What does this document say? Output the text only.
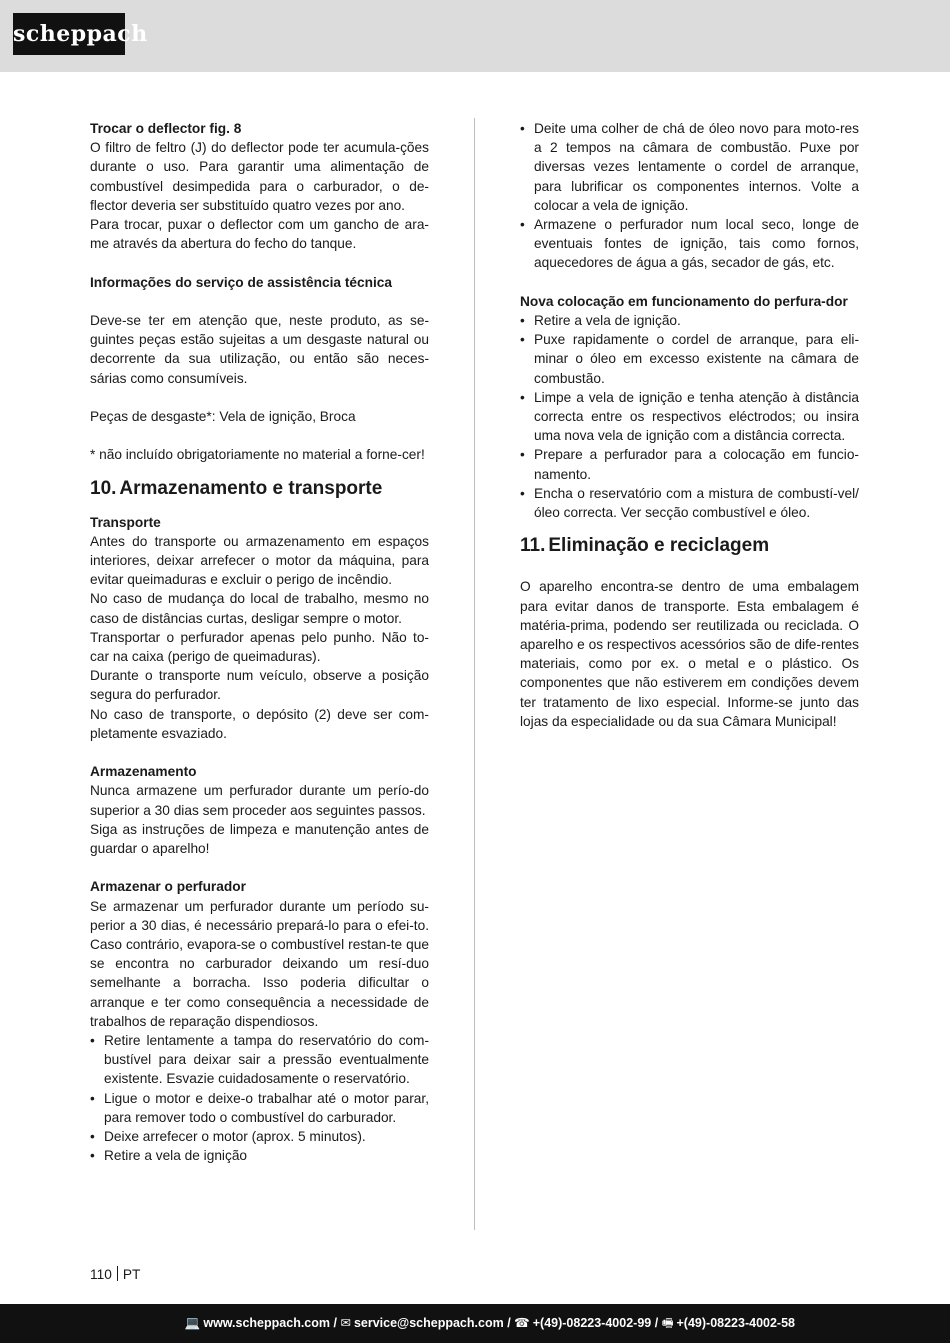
scheppach
Trocar o deflector fig. 8

O filtro de feltro (J) do deflector pode ter acumula-ções durante o uso. Para garantir uma alimentação de combustível desimpedida para o carburador, o de-flector deveria ser substituído quatro vezes por ano.

Para trocar, puxar o deflector com um gancho de ara-me através da abertura do fecho do tanque.

Informações do serviço de assistência técnica

Deve-se ter em atenção que, neste produto, as se-guintes peças estão sujeitas a um desgaste natural ou decorrente da sua utilização, ou então são neces-sárias como consumíveis.

Peças de desgaste*: Vela de ignição, Broca

* não incluído obrigatoriamente no material a forne-cer!

10. Armazenamento e transporte
Transporte

Antes do transporte ou armazenamento em espaços interiores, deixar arrefecer o motor da máquina, para evitar queimaduras e excluir o perigo de incêndio.

No caso de mudança do local de trabalho, mesmo no caso de distâncias curtas, desligar sempre o motor.

Transportar o perfurador apenas pelo punho. Não to-car na caixa (perigo de queimaduras).

Durante o transporte num veículo, observe a posição segura do perfurador.

No caso de transporte, o depósito (2) deve ser com-pletamente esvaziado.

Armazenamento

Nunca armazene um perfurador durante um perío-do superior a 30 dias sem proceder aos seguintes passos.

Siga as instruções de limpeza e manutenção antes de guardar o aparelho!

Armazenar o perfurador

Se armazenar um perfurador durante um período su-perior a 30 dias, é necessário prepará-lo para o efei-to. Caso contrário, evapora-se o combustível restan-te que se encontra no carburador deixando um resí-duo semelhante a borracha. Isso poderia dificultar o arranque e ter como consequência a necessidade de trabalhos de reparação dispendiosos.

• Retire lentamente a tampa do reservatório do com-bustível para deixar sair a pressão eventualmente existente. Esvazie cuidadosamente o reservatório.
• Ligue o motor e deixe-o trabalhar até o motor parar, para remover todo o combustível do carburador.
• Deixe arrefecer o motor (aprox. 5 minutos).
• Retire a vela de ignição
• Deite uma colher de chá de óleo novo para moto-res a 2 tempos na câmara de combustão. Puxe por diversas vezes lentamente o cordel de arranque, para lubrificar os componentes internos. Volte a colocar a vela de ignição.
• Armazene o perfurador num local seco, longe de eventuais fontes de ignição, tais como fornos, aquecedores de água a gás, secador de gás, etc.
Nova colocação em funcionamento do perfura-dor
• Retire a vela de ignição.
• Puxe rapidamente o cordel de arranque, para eli-minar o óleo em excesso existente na câmara de combustão.
• Limpe a vela de ignição e tenha atenção à distância correcta entre os respectivos eléctrodos; ou insira uma nova vela de ignição com a distância correcta.
• Prepare a perfurador para a colocação em funcio-namento.
• Encha o reservatório com a mistura de combustí-vel/óleo correcta. Ver secção combustível e óleo.
11. Eliminação e reciclagem

O aparelho encontra-se dentro de uma embalagem para evitar danos de transporte. Esta embalagem é matéria-prima, podendo ser reutilizada ou reciclada. O aparelho e os respectivos acessórios são de dife-rentes materiais, como por ex. o metal e o plástico. Os componentes que não estiverem em condições devem ter tratamento de lixo especial. Informe-se junto das lojas da especialidade ou da sua Câmara Municipal!

110 PT
💻 www.scheppach.com / ✉ service@scheppach.com / ☎ +(49)-08223-4002-99 / 🖷 +(49)-08223-4002-58
